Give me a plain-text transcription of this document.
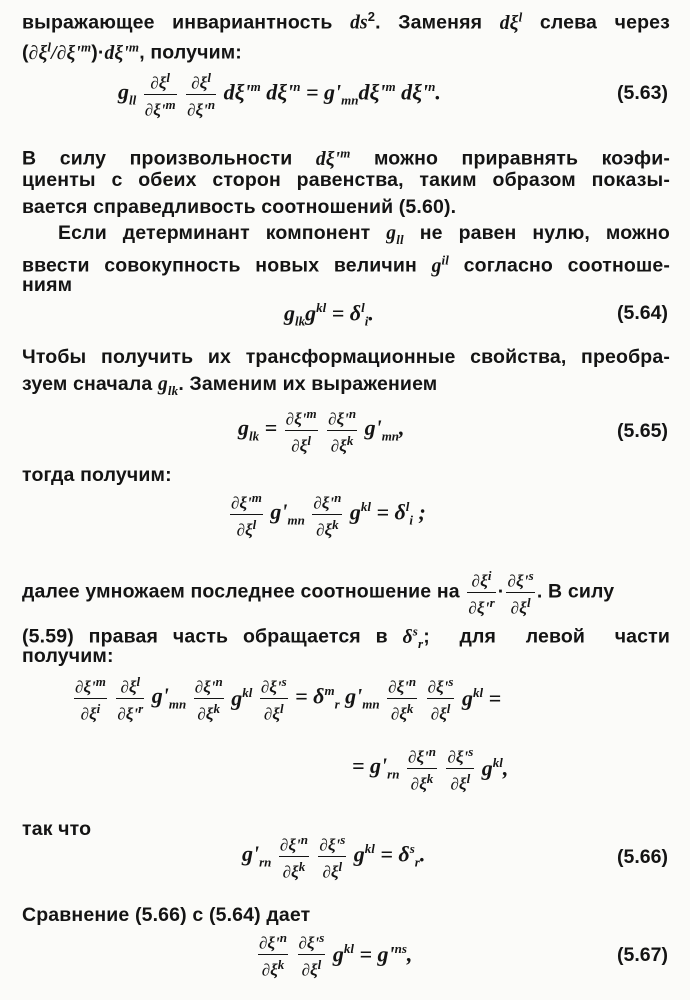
выражающее инвариантность $ds^2$. Заменяя $d\xi^l$ слева через
$(\partial\xi^l/\partial\xi'^m)\cdot d\xi'^m$, получим:
$g_{ll} \frac{\partial\xi^l}{\partial\xi'^m}$
$\frac{\partial\xi^l}{\partial\xi'^n} d\xi'^m$ $d\xi'^n = g'_{mn}d\xi'^m$ $d\xi'^n$.	(5.63)
В силу произвольности $d\xi'^m$ можно приравнять коэфи-
циенты с обеих сторон равенства, таким образом показы-
вается справедливость соотношений (5.60).
Если детерминант компонент $g_{ll}$ не равен нулю, можно
ввести совокупность новых величин $g^{il}$ согласно соотноше-
ниям
$g_{lk}g^{kl} = \delta^l_i$.	(5.64)
Чтобы получить их трансформационные свойства, преобра-
зуем сначала $g_{lk}$. Заменим их выражением
$g_{lk} = \frac{\partial\xi'^m}{\partial\xi^l}$
$\frac{\partial\xi'^n}{\partial\xi^k} g'_{mn}$,	(5.65)
тогда получим:
$\frac{\partial\xi'^m}{\partial\xi^l} g'_{mn} \frac{\partial\xi'^n}{\partial\xi^k} g^{kl} = \delta^l_i$ ;
далее умножаем последнее соотношение на $\frac{\partial\xi^i}{\partial\xi'^r} \cdot \frac{\partial\xi'^s}{\partial\xi^l}$ . В силу
(5.59) правая часть обращается в $\delta^s_r$;  для  левой  части
получим:
$\frac{\partial\xi'^m}{\partial\xi^i}$
$\frac{\partial\xi^l}{\partial\xi'^r} g'_{mn} \frac{\partial\xi'^n}{\partial\xi^k} g^{kl} \frac{\partial\xi'^s}{\partial\xi^l} = \delta^m_r$ $g'_{mn} \frac{\partial\xi'^n}{\partial\xi^k}$
$\frac{\partial\xi'^s}{\partial\xi^l} g^{kl}$ =
= $g'_{rn} \frac{\partial\xi'^n}{\partial\xi^k}$
$\frac{\partial\xi'^s}{\partial\xi^l} g^{kl}$,
так что
$g'_{rn} \frac{\partial\xi'^n}{\partial\xi^k}$
$\frac{\partial\xi'^s}{\partial\xi^l} g^{kl} = \delta^s_r$.	(5.66)
Сравнение (5.66) с (5.64) дает
$\frac{\partial\xi'^n}{\partial\xi^k}$
$\frac{\partial\xi'^s}{\partial\xi^l} g^{kl} = g'^{ns}$,	(5.67)
